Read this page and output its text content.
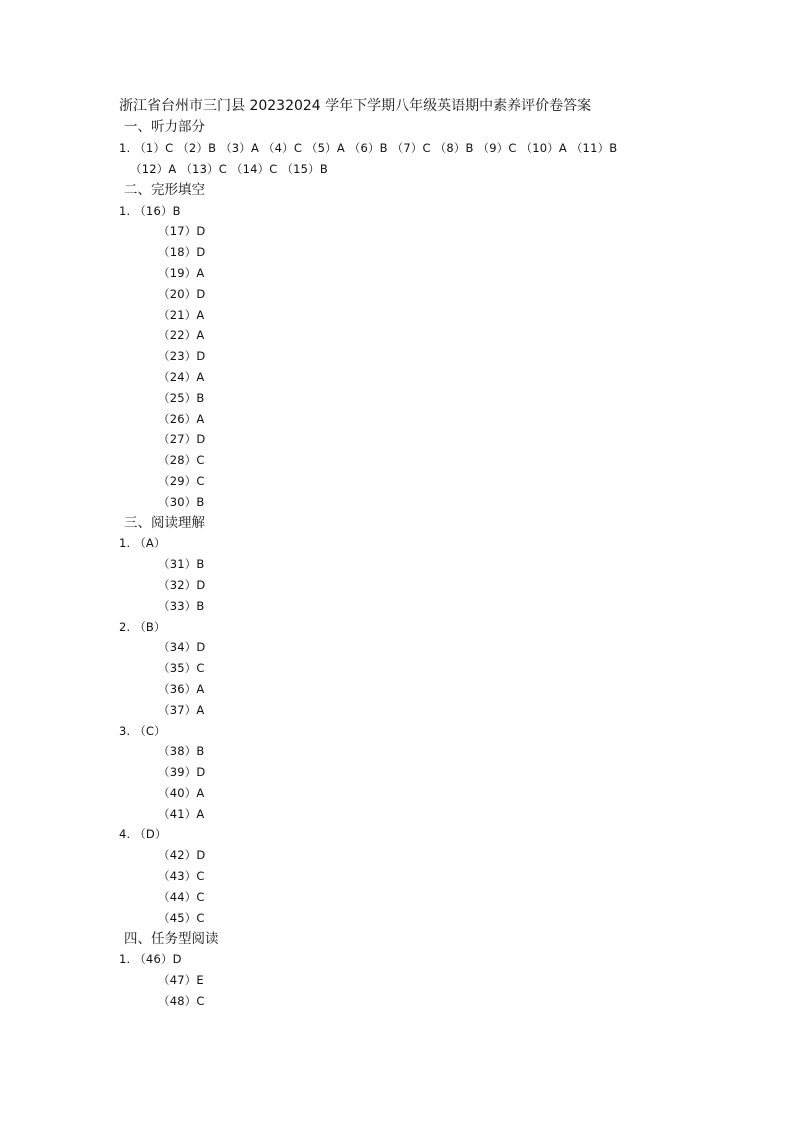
浙江省台州市三门县 20232024 学年下学期八年级英语期中素养评价卷答案
一、听力部分
1. （1）C （2）B （3）A （4）C （5）A （6）B （7）C （8）B （9）C （10）A （11）B
（12）A （13）C （14）C （15）B
二、完形填空
1. （16）B
（17）D
（18）D
（19）A
（20）D
（21）A
（22）A
（23）D
（24）A
（25）B
（26）A
（27）D
（28）C
（29）C
（30）B
三、阅读理解
1. （A）
（31）B
（32）D
（33）B
2. （B）
（34）D
（35）C
（36）A
（37）A
3. （C）
（38）B
（39）D
（40）A
（41）A
4. （D）
（42）D
（43）C
（44）C
（45）C
四、任务型阅读
1. （46）D
（47）E
（48）C
